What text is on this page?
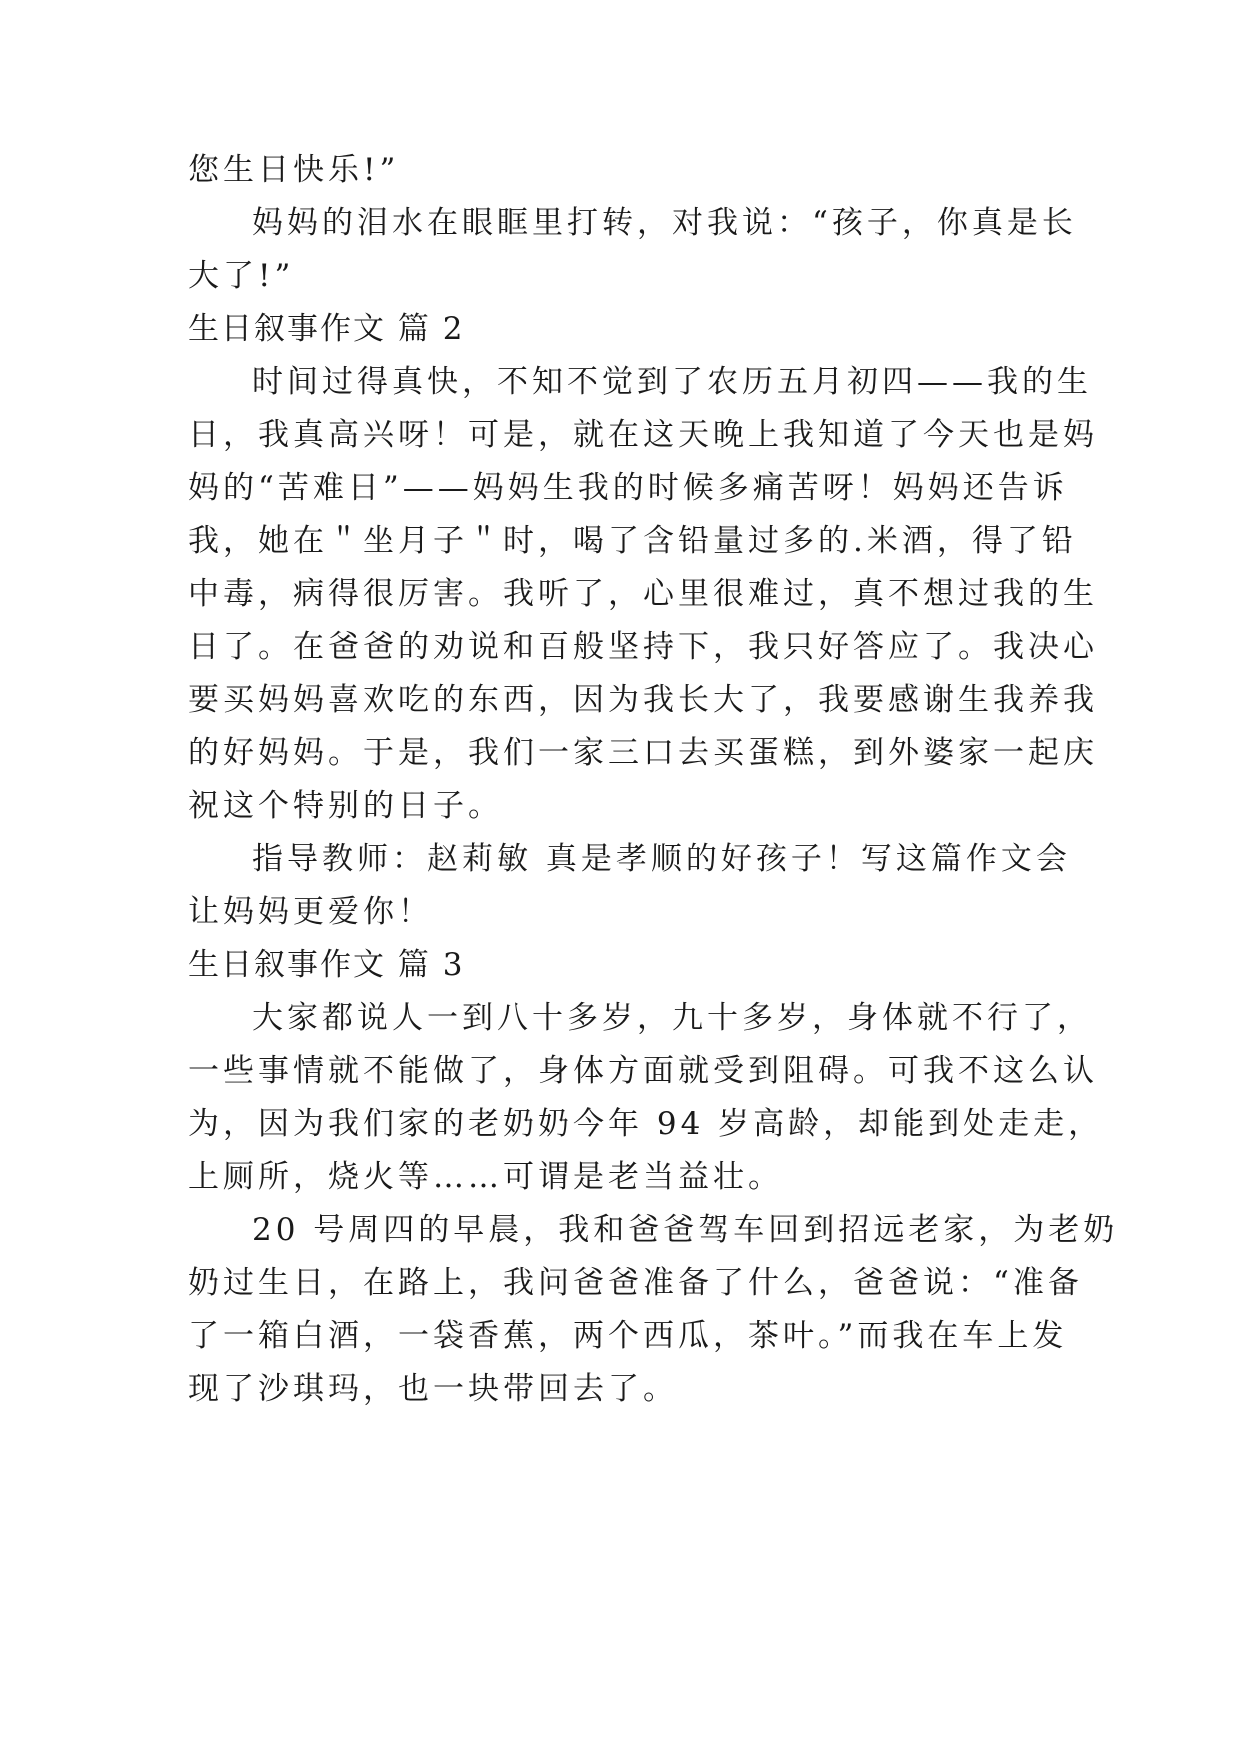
您生日快乐!”
妈妈的泪水在眼眶里打转，对我说：“孩子，你真是长
大了!”
生日叙事作文 篇 2
时间过得真快，不知不觉到了农历五月初四——我的生
日，我真高兴呀！可是，就在这天晚上我知道了今天也是妈
妈的“苦难日”——妈妈生我的时候多痛苦呀！妈妈还告诉
我，她在＂坐月子＂时，喝了含铅量过多的.米酒，得了铅
中毒，病得很厉害。我听了，心里很难过，真不想过我的生
日了。在爸爸的劝说和百般坚持下，我只好答应了。我决心
要买妈妈喜欢吃的东西，因为我长大了，我要感谢生我养我
的好妈妈。于是，我们一家三口去买蛋糕，到外婆家一起庆
祝这个特别的日子。
指导教师：赵莉敏 真是孝顺的好孩子！写这篇作文会
让妈妈更爱你！
生日叙事作文 篇 3
大家都说人一到八十多岁，九十多岁，身体就不行了，
一些事情就不能做了，身体方面就受到阻碍。可我不这么认
为，因为我们家的老奶奶今年 94 岁高龄，却能到处走走，
上厕所，烧火等……可谓是老当益壮。
20 号周四的早晨，我和爸爸驾车回到招远老家，为老奶
奶过生日，在路上，我问爸爸准备了什么，爸爸说：“准备
了一箱白酒，一袋香蕉，两个西瓜，茶叶。”而我在车上发
现了沙琪玛，也一块带回去了。
